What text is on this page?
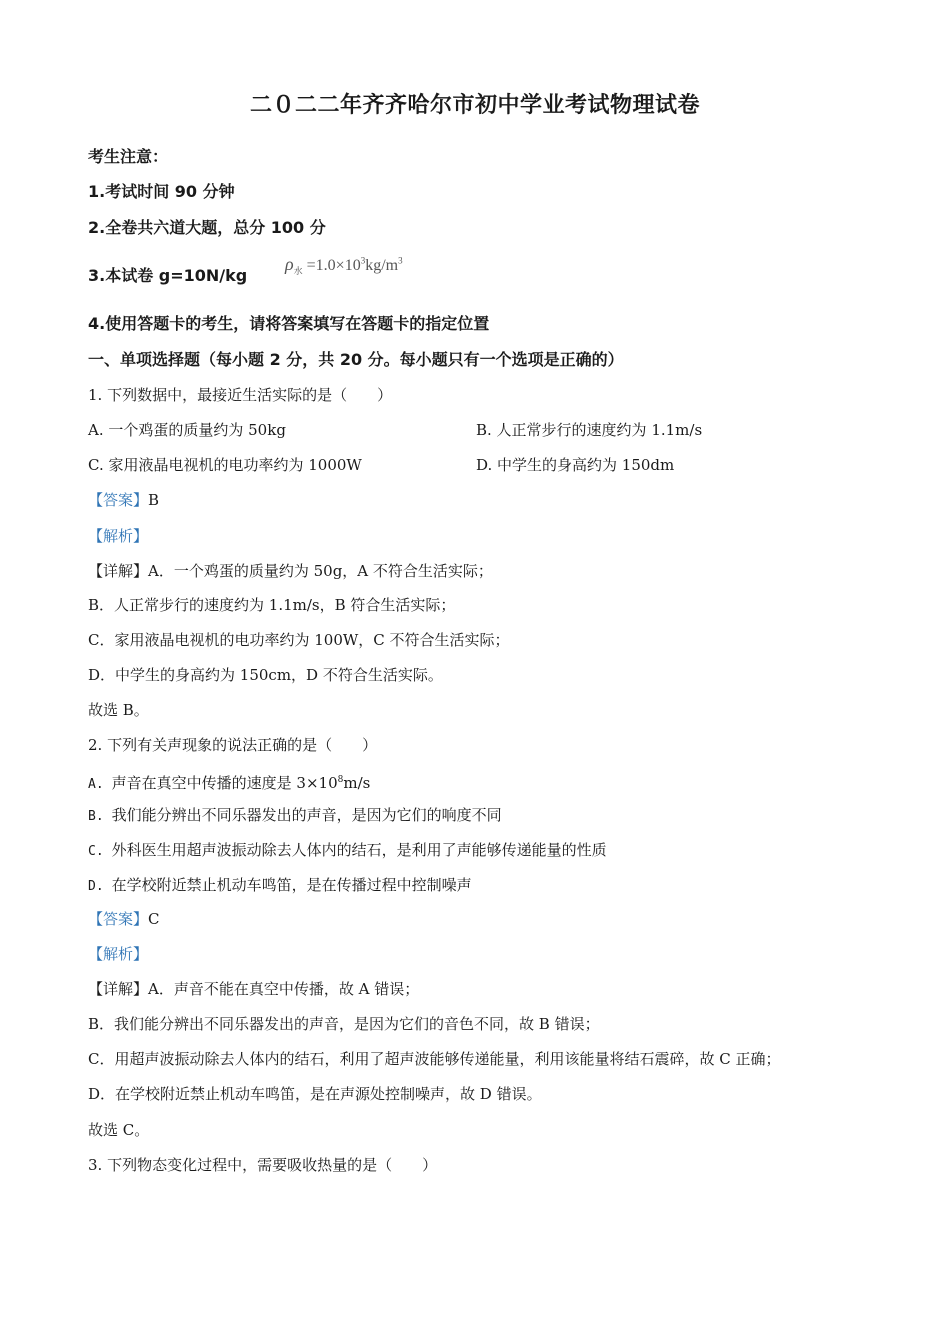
二０二二年齐齐哈尔市初中学业考试物理试卷
考生注意：
1.考试时间 90 分钟
2.全卷共六道大题，总分 100 分
3.本试卷 g=10N/kg
$\rho_水 =1.0\times 10^3kg/m^3$
4.使用答题卡的考生，请将答案填写在答题卡的指定位置
一、单项选择题（每小题 2 分，共 20 分。每小题只有一个选项是正确的）
1. 下列数据中，最接近生活实际的是（　　）
A. 一个鸡蛋的质量约为 50kg	B. 人正常步行的速度约为 1.1m/s
C. 家用液晶电视机的电功率约为 1000W	D. 中学生的身高约为 150dm
【答案】B
【解析】
【详解】A．一个鸡蛋的质量约为 50g，A 不符合生活实际；
B．人正常步行的速度约为 1.1m/s，B 符合生活实际；
C．家用液晶电视机的电功率约为 100W，C 不符合生活实际；
D．中学生的身高约为 150cm，D 不符合生活实际。
故选 B。
2. 下列有关声现象的说法正确的是（　　）
A. 声音在真空中传播的速度是 $3\times 10^8m/s$
B. 我们能分辨出不同乐器发出的声音，是因为它们的响度不同
C. 外科医生用超声波振动除去人体内的结石，是利用了声能够传递能量的性质
D. 在学校附近禁止机动车鸣笛，是在传播过程中控制噪声
【答案】C
【解析】
【详解】A．声音不能在真空中传播，故 A 错误；
B．我们能分辨出不同乐器发出的声音，是因为它们的音色不同，故 B 错误；
C．用超声波振动除去人体内的结石，利用了超声波能够传递能量，利用该能量将结石震碎，故 C 正确；
D．在学校附近禁止机动车鸣笛，是在声源处控制噪声，故 D 错误。
故选 C。
3. 下列物态变化过程中，需要吸收热量的是（　　）
